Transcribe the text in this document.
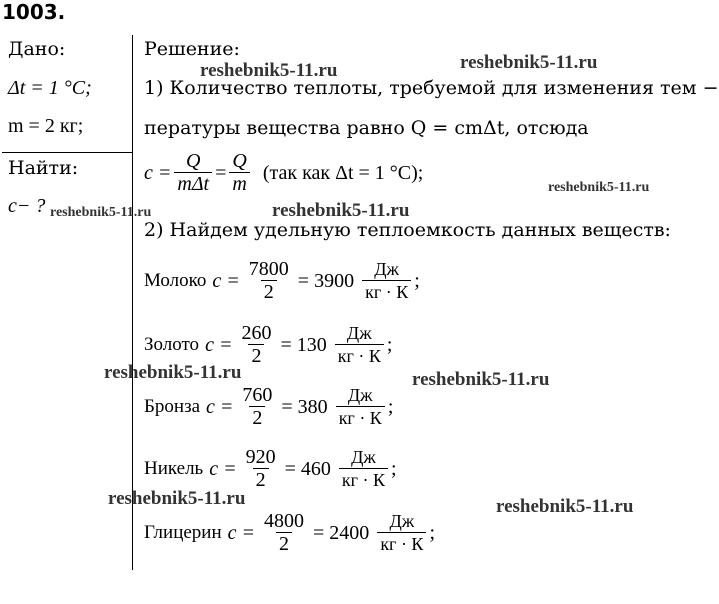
1003.
Дано:
Δt = 1 °C;
m = 2 кг;
Найти:
c− ?
Решение:
1) Количество теплоты, требуемой для изменения тем −
пературы вещества равно Q = cmΔt, отсюда
$c = \frac{Q}{\text{mΔt}} = \frac{Q}{m} (так$ как Δt = 1 °C);
2) Найдем удельную теплоемкость данных веществ:
Молоко $c = \frac{7800}{2} = 3900 \frac{Дж}{кг \cdot К}$ ;
Золото $c = \frac{260}{2} = 130 \frac{Дж}{кг \cdot К}$ ;
Бронза $c = \frac{760}{2} = 380 \frac{Дж}{кг \cdot К}$ ;
Никель $c = \frac{920}{2} = 460 \frac{Дж}{кг \cdot К}$ ;
Глицерин $c = \frac{4800}{2} = 2400 \frac{Дж}{кг \cdot К}$ ;
reshebnik5-11.ru	reshebnik5-11.ru
reshebnik5-11.ru
reshebnik5-11.ru	reshebnik5-11.ru
reshebnik5-11.ru	reshebnik5-11.ru
reshebnik5-11.ru	reshebnik5-11.ru
